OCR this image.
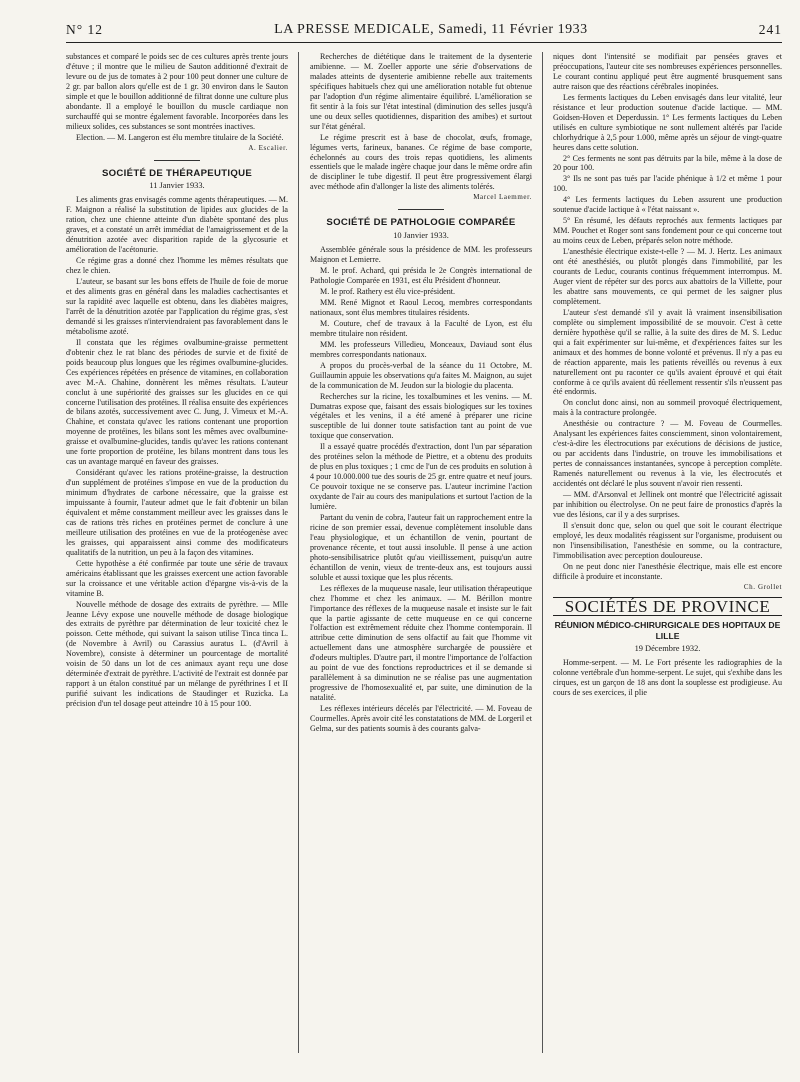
N° 12	LA PRESSE MEDICALE, Samedi, 11 Février 1933	241

substances et comparé le poids sec de ces cultures après trente jours d'étuve ; il montre que le milieu de Sauton additionné d'extrait de levure ou de jus de tomates à 2 pour 100 peut donner une culture de 2 gr. par ballon alors qu'elle est de 1 gr. 30 environ dans le Sauton simple et que le bouillon additionné de filtrat donne une culture plus abondante. Il a employé le bouillon du muscle cardiaque non surchauffé qui se montre également favorable. Incorporées dans les milieux solides, ces substances se sont montrées inactives.

Election. — M. Langeron est élu membre titulaire de la Société.

A. Escalier.
SOCIÉTÉ DE THÉRAPEUTIQUE
11 Janvier 1933.

Les aliments gras envisagés comme agents thérapeutiques. — M. F. Maignon a réalisé la substitution de lipides aux glucides de la ration, chez une chienne atteinte d'un diabète spontané des plus graves, et a constaté un arrêt immédiat de l'amaigrissement et de la dénutrition azotée avec disparition rapide de la glycosurie et amélioration de l'acétonurie.

Ce régime gras a donné chez l'homme les mêmes résultats que chez le chien.

L'auteur, se basant sur les bons effets de l'huile de foie de morue et des aliments gras en général dans les maladies cachectisantes et sur la rapidité avec laquelle est obtenu, dans les diabètes maigres, l'arrêt de la dénutrition azotée par l'application du régime gras, s'est demandé si les graisses n'interviendraient pas favorablement dans le métabolisme azoté.

Il constata que les régimes ovalbumine-graisse permettent d'obtenir chez le rat blanc des périodes de survie et de fixité de poids beaucoup plus longues que les régimes ovalbumine-glucides. Ces expériences répétées en présence de vitamines, en collaboration avec M.-A. Chahine, donnèrent les mêmes résultats. L'auteur conclut à une supériorité des graisses sur les glucides en ce qui concerne l'utilisation des protéines. Il réalisa ensuite des expériences de bilans azotés, successivement avec C. Jung, J. Vimeux et M.-A. Chahine, et constata qu'avec les rations contenant une proportion moyenne de protéines, les bilans sont les mêmes avec ovalbumine-graisse et ovalbumine-glucides, tandis qu'avec les rations contenant une forte proportion de protéine, les bilans montrent dans tous les cas un avantage marqué en faveur des graisses.

Considérant qu'avec les rations protéine-graisse, la destruction d'un supplément de protéines s'impose en vue de la production du minimum d'hydrates de carbone nécessaire, que la graisse est impuissante à fournir, l'auteur admet que le fait d'obtenir un bilan équivalent et même constamment meilleur avec les graisses dans le cas de rations très riches en protéines permet de conclure à une meilleure utilisation des protéines en vue de la protéogenèse avec les graisses, qui apparaissent ainsi comme des modificateurs qualitatifs de la nutrition, un peu à la façon des vitamines.

Cette hypothèse a été confirmée par toute une série de travaux américains établissant que les graisses exercent une action favorable sur la croissance et une véritable action d'épargne vis-à-vis de la vitamine B.

Nouvelle méthode de dosage des extraits de pyrèthre. — Mlle Jeanne Lévy expose une nouvelle méthode de dosage biologique des extraits de pyrèthre par détermination de leur toxicité chez le poisson. Cette méthode, qui suivant la saison utilise Tinca tinca L. (de Novembre à Avril) ou Carassius auratus L. (d'Avril à Novembre), consiste à déterminer un pourcentage de mortalité voisin de 50 dans un lot de ces animaux ayant reçu une dose déterminée d'extrait de pyrèthre. L'activité de l'extrait est donnée par rapport à un étalon constitué par un mélange de pyréthrines I et II purifié suivant les indications de Staudinger et Ruzicka. La précision d'un tel dosage peut atteindre 10 à 15 pour 100.

Recherches de diététique dans le traitement de la dysenterie amibienne. — M. Zoeller apporte une série d'observations de malades atteints de dysenterie amibienne rebelle aux traitements spécifiques habituels chez qui une amélioration notable fut obtenue par l'adoption d'un régime alimentaire équilibré. L'amélioration se fit sentir à la fois sur l'état intestinal (diminution des selles jusqu'à une ou deux selles quotidiennes, disparition des amibes) et surtout sur l'état général.

Le régime prescrit est à base de chocolat, œufs, fromage, légumes verts, farineux, bananes. Ce régime de base comporte, échelonnés au cours des trois repas quotidiens, les aliments essentiels que le malade ingère chaque jour dans le même ordre afin de discipliner le tube digestif. Il peut être progressivement élargi avec méthode afin d'allonger la liste des aliments tolérés.

Marcel Laemmer.
SOCIÉTÉ DE PATHOLOGIE COMPARÉE
10 Janvier 1933.

Assemblée générale sous la présidence de MM. les professeurs Maignon et Lemierre.

M. le prof. Achard, qui présida le 2e Congrès international de Pathologie Comparée en 1931, est élu Président d'honneur.

M. le prof. Rathery est élu vice-président.

MM. René Mignot et Raoul Lecoq, membres correspondants nationaux, sont élus membres titulaires résidents.

M. Couture, chef de travaux à la Faculté de Lyon, est élu membre titulaire non résident.

MM. les professeurs Villedieu, Monceaux, Daviaud sont élus membres correspondants nationaux.

A propos du procès-verbal de la séance du 11 Octobre, M. Guillaumin appuie les observations qu'a faites M. Maignon, au sujet de la communication de M. Jeudon sur la biologie du placenta.

Recherches sur la ricine, les toxalbumines et les venins. — M. Dumatras expose que, faisant des essais biologiques sur les toxines végétales et les venins, il a été amené à préparer une ricine susceptible de lui donner toute satisfaction tant au point de vue toxique que conservation.

Il a essayé quatre procédés d'extraction, dont l'un par séparation des protéines selon la méthode de Piettre, et a obtenu des produits de plus en plus toxiques ; 1 cmc de l'un de ces produits en solution à 4 pour 10.000.000 tue des souris de 25 gr. entre quatre et neuf jours. Ce pouvoir toxique ne se conserve pas. L'auteur incrimine l'action oxydante de l'air au cours des manipulations et surtout l'action de la lumière.

Partant du venin de cobra, l'auteur fait un rapprochement entre la ricine de son premier essai, devenue complètement insoluble dans l'eau physiologique, et un échantillon de venin, pourtant de provenance récente, et tout aussi insoluble. Il pense à une action photo-sensibilisatrice plutôt qu'au vieillissement, puisqu'un autre échantillon de venin, vieux de trente-deux ans, est toujours aussi soluble et aussi toxique que les plus récents.

Les réflexes de la muqueuse nasale, leur utilisation thérapeutique chez l'homme et chez les animaux. — M. Bérillon montre l'importance des réflexes de la muqueuse nasale et insiste sur le fait que la partie agissante de cette muqueuse en ce qui concerne l'olfaction est extrêmement réduite chez l'homme contemporain. Il attribue cette diminution de sens olfactif au fait que l'homme vit actuellement dans une atmosphère surchargée de poussière et d'odeurs multiples. D'autre part, il montre l'importance de l'olfaction au point de vue des fonctions reproductrices et il se demande si parallèlement à sa diminution ne se réalise pas une augmentation progressive de l'homosexualité et, par suite, une diminution de la natalité.

Les réflexes intérieurs décelés par l'électricité. — M. Foveau de Courmelles. Après avoir cité les constatations de MM. de Lorgeril et Gelma, sur des patients soumis à des courants galva-

niques dont l'intensité se modifiait par pensées graves et préoccupations, l'auteur cite ses nombreuses expériences personnelles. Le courant continu appliqué peut être augmenté brusquement sans autre raison que des réactions cérébrales inopinées.

Les ferments lactiques du Leben envisagés dans leur vitalité, leur résistance et leur production soutenue d'acide lactique. — MM. Goidsen-Hoven et Deperdussin. 1° Les ferments lactiques du Leben utilisés en culture symbiotique ne sont nullement altérés par l'acide chlorhydrique à 2,5 pour 1.000, même après un séjour de vingt-quatre heures dans cette solution.

2° Ces ferments ne sont pas détruits par la bile, même à la dose de 20 pour 100.

3° Ils ne sont pas tués par l'acide phénique à 1/2 et même 1 pour 100.

4° Les ferments lactiques du Leben assurent une production soutenue d'acide lactique à « l'état naissant ».

5° En résumé, les défauts reprochés aux ferments lactiques par MM. Pouchet et Roger sont sans fondement pour ce qui concerne tout au moins ceux de Leben, préparés selon notre méthode.

L'anesthésie électrique existe-t-elle ? — M. J. Hertz. Les animaux ont été anesthésiés, ou plutôt plongés dans l'immobilité, par les courants de Leduc, courants continus fréquemment interrompus. M. Auger vient de répéter sur des porcs aux abattoirs de la Villette, pour les abattre sans mouvements, ce qui permet de les saigner plus complètement.

L'auteur s'est demandé s'il y avait là vraiment insensibilisation complète ou simplement impossibilité de se mouvoir. C'est à cette dernière hypothèse qu'il se rallie, à la suite des dires de M. S. Leduc qui a fait expérimenter sur lui-même, et d'expériences faites sur les animaux et des hommes de bonne volonté et prévenus. Il n'y a pas eu de réaction apparente, mais les patients réveillés ou revenus à eux naturellement ont pu raconter ce qu'ils avaient éprouvé et qui était conforme à ce qu'ils avaient dû réellement ressentir s'ils n'eussent pas été endormis.

On conclut donc ainsi, non au sommeil provoqué électriquement, mais à la contracture prolongée.

Anesthésie ou contracture ? — M. Foveau de Courmelles. Analysant les expériences faites consciemment, sinon volontairement, c'est-à-dire les électrocutions par exécutions de décisions de justice, ou par accidents dans l'industrie, on trouve les immobilisations et pertes de connaissances instantanées, syncope à perception complète. Ramenés naturellement ou revenus à la vie, les électrocutés et accidentés ont déclaré le plus souvent n'avoir rien ressenti.

— MM. d'Arsonval et Jellinek ont montré que l'électricité agissait par inhibition ou électrolyse. On ne peut faire de pronostics d'après la vue des lésions, car il y a des surprises.

Il s'ensuit donc que, selon ou quel que soit le courant électrique employé, les deux modalités réagissent sur l'organisme, produisent ou non l'insensibilisation, l'anesthésie en somme, ou la contracture, l'immobilisation avec perception douloureuse.

On ne peut donc nier l'anesthésie électrique, mais elle est encore difficile à produire et inconstante.

Ch. Grollet
SOCIÉTÉS DE PROVINCE
RÉUNION MÉDICO-CHIRURGICALE DES HOPITAUX DE LILLE
19 Décembre 1932.

Homme-serpent. — M. Le Fort présente les radiographies de la colonne vertébrale d'un homme-serpent. Le sujet, qui s'exhibe dans les cirques, est un garçon de 18 ans dont la souplesse est prodigieuse. Au cours de ses exercices, il plie
